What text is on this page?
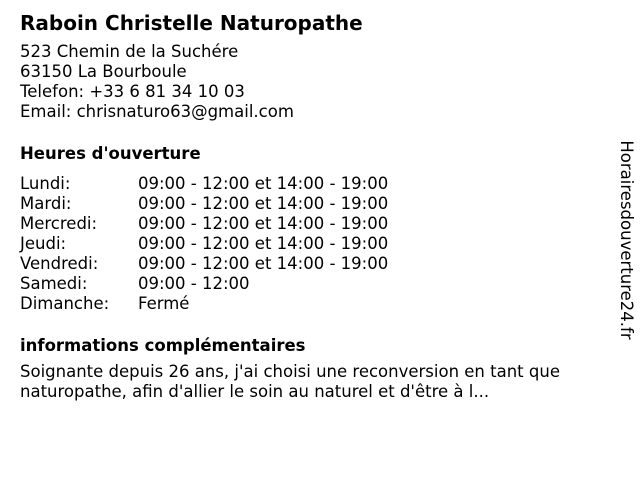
Raboin Christelle Naturopathe
523 Chemin de la Suchére
63150 La Bourboule
Telefon: +33 6 81 34 10 03
Email: chrisnaturo63@gmail.com
Heures d'ouverture
Lundi:	09:00 - 12:00 et 14:00 - 19:00
Mardi:	09:00 - 12:00 et 14:00 - 19:00
Mercredi:	09:00 - 12:00 et 14:00 - 19:00
Jeudi:	09:00 - 12:00 et 14:00 - 19:00
Vendredi:	09:00 - 12:00 et 14:00 - 19:00
Samedi:	09:00 - 12:00
Dimanche:	Fermé
informations complémentaires
Soignante depuis 26 ans, j'ai choisi une reconversion en tant que
naturopathe, afin d'allier le soin au naturel et d'être à l...
Horairesdouverture24.fr
